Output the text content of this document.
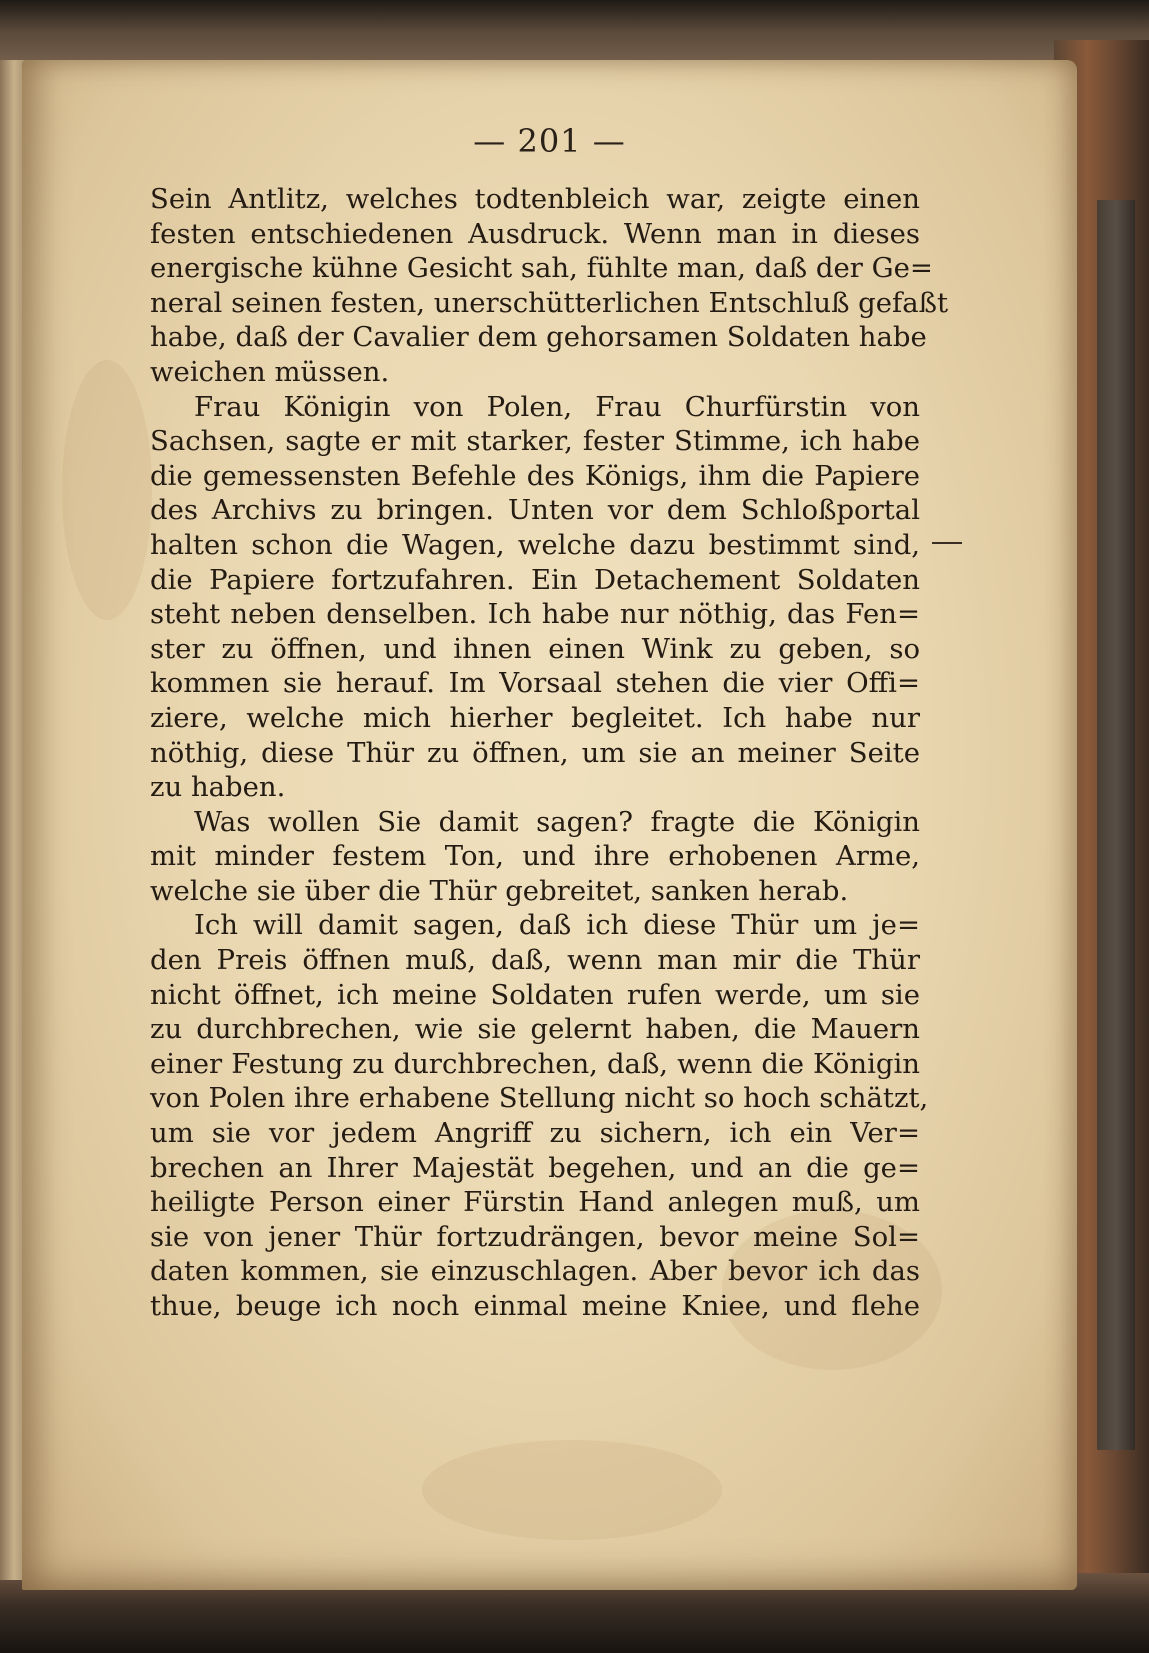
— 201 —
Sein Antlitz, welches todtenbleich war, zeigte einen
festen entschiedenen Ausdruck. Wenn man in dieses
energische kühne Gesicht sah, fühlte man, daß der Ge=
neral seinen festen, unerschütterlichen Entschluß gefaßt
habe, daß der Cavalier dem gehorsamen Soldaten habe
weichen müssen.
Frau Königin von Polen, Frau Churfürstin von
Sachsen, sagte er mit starker, fester Stimme, ich habe
die gemessensten Befehle des Königs, ihm die Papiere
des Archivs zu bringen. Unten vor dem Schloßportal
halten schon die Wagen, welche dazu bestimmt sind,
die Papiere fortzufahren. Ein Detachement Soldaten
steht neben denselben. Ich habe nur nöthig, das Fen=
ster zu öffnen, und ihnen einen Wink zu geben, so
kommen sie herauf. Im Vorsaal stehen die vier Offi=
ziere, welche mich hierher begleitet. Ich habe nur
nöthig, diese Thür zu öffnen, um sie an meiner Seite
zu haben.
Was wollen Sie damit sagen? fragte die Königin
mit minder festem Ton, und ihre erhobenen Arme,
welche sie über die Thür gebreitet, sanken herab.
Ich will damit sagen, daß ich diese Thür um je=
den Preis öffnen muß, daß, wenn man mir die Thür
nicht öffnet, ich meine Soldaten rufen werde, um sie
zu durchbrechen, wie sie gelernt haben, die Mauern
einer Festung zu durchbrechen, daß, wenn die Königin
von Polen ihre erhabene Stellung nicht so hoch schätzt,
um sie vor jedem Angriff zu sichern, ich ein Ver=
brechen an Ihrer Majestät begehen, und an die ge=
heiligte Person einer Fürstin Hand anlegen muß, um
sie von jener Thür fortzudrängen, bevor meine Sol=
daten kommen, sie einzuschlagen. Aber bevor ich das
thue, beuge ich noch einmal meine Kniee, und flehe
